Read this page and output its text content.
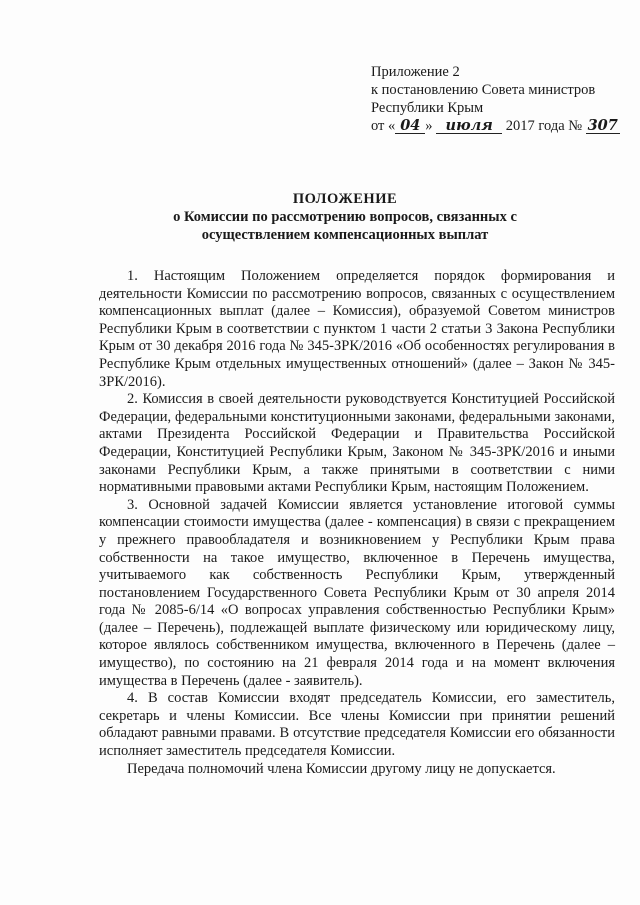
Приложение 2
к постановлению Совета министров
Республики Крым
от « 04 » июля 2017 года № 307
ПОЛОЖЕНИЕ
о Комиссии по рассмотрению вопросов, связанных с
осуществлением компенсационных выплат

1. Настоящим Положением определяется порядок формирования и деятельности Комиссии по рассмотрению вопросов, связанных с осуществлением компенсационных выплат (далее – Комиссия), образуемой Советом министров Республики Крым в соответствии с пунктом 1 части 2 статьи 3 Закона Республики Крым от 30 декабря 2016 года № 345-ЗРК/2016 «Об особенностях регулирования в Республике Крым отдельных имущественных отношений» (далее – Закон № 345-ЗРК/2016).

2. Комиссия в своей деятельности руководствуется Конституцией Российской Федерации, федеральными конституционными законами, федеральными законами, актами Президента Российской Федерации и Правительства Российской Федерации, Конституцией Республики Крым, Законом № 345-ЗРК/2016 и иными законами Республики Крым, а также принятыми в соответствии с ними нормативными правовыми актами Республики Крым, настоящим Положением.

3. Основной задачей Комиссии является установление итоговой суммы компенсации стоимости имущества (далее - компенсация) в связи с прекращением у прежнего правообладателя и возникновением у Республики Крым права собственности на такое имущество, включенное в Перечень имущества, учитываемого как собственность Республики Крым, утвержденный постановлением Государственного Совета Республики Крым от 30 апреля 2014 года № 2085-6/14 «О вопросах управления собственностью Республики Крым» (далее – Перечень), подлежащей выплате физическому или юридическому лицу, которое являлось собственником имущества, включенного в Перечень (далее – имущество), по состоянию на 21 февраля 2014 года и на момент включения имущества в Перечень (далее - заявитель).

4. В состав Комиссии входят председатель Комиссии, его заместитель, секретарь и члены Комиссии. Все члены Комиссии при принятии решений обладают равными правами. В отсутствие председателя Комиссии его обязанности исполняет заместитель председателя Комиссии.

Передача полномочий члена Комиссии другому лицу не допускается.
